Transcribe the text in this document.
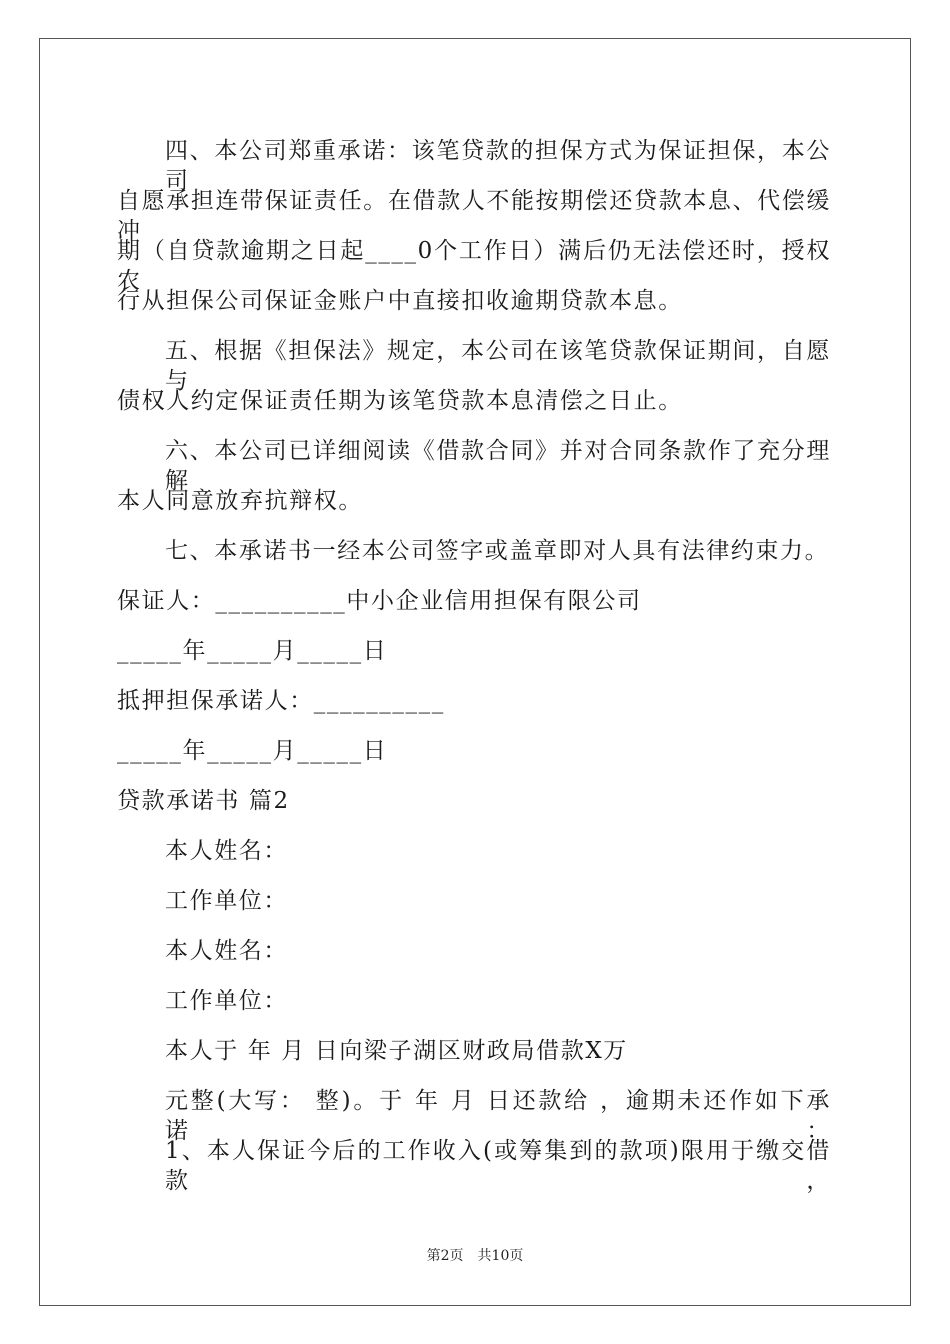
四、本公司郑重承诺：该笔贷款的担保方式为保证担保，本公司
自愿承担连带保证责任。在借款人不能按期偿还贷款本息、代偿缓冲
期（自贷款逾期之日起____0个工作日）满后仍无法偿还时，授权农
行从担保公司保证金账户中直接扣收逾期贷款本息。
五、根据《担保法》规定，本公司在该笔贷款保证期间，自愿与
债权人约定保证责任期为该笔贷款本息清偿之日止。
六、本公司已详细阅读《借款合同》并对合同条款作了充分理解
本人同意放弃抗辩权。
七、本承诺书一经本公司签字或盖章即对人具有法律约束力。
保证人：__________中小企业信用担保有限公司
_____年_____月_____日
抵押担保承诺人：__________
_____年_____月_____日
贷款承诺书 篇2
本人姓名：
工作单位：
本人姓名：
工作单位：
本人于 年 月 日向梁子湖区财政局借款X万
元整(大写： 整)。于 年 月 日还款给 ，逾期未还作如下承诺：
1、本人保证今后的工作收入(或筹集到的款项)限用于缴交借款，
第2页　共10页
